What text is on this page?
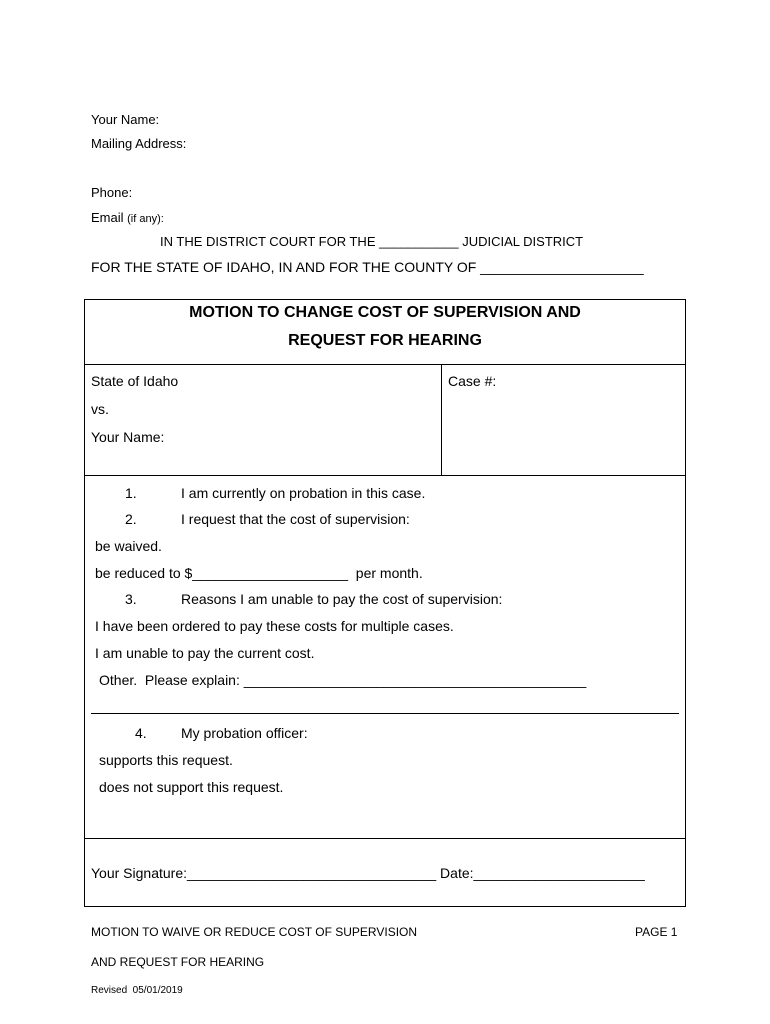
Your Name:
Mailing Address:
Phone:
Email (if any):
IN THE DISTRICT COURT FOR THE ___________ JUDICIAL DISTRICT
FOR THE STATE OF IDAHO, IN AND FOR THE COUNTY OF _____________________
MOTION TO CHANGE COST OF SUPERVISION AND
REQUEST FOR HEARING
State of Idaho
vs.
Your Name:
Case #:
1.	I am currently on probation in this case.
2.	I request that the cost of supervision:
be waived.
be reduced to $____________________  per month.
3.	Reasons I am unable to pay the cost of supervision:
I have been ordered to pay these costs for multiple cases.
I am unable to pay the current cost.
Other.  Please explain: ____________________________________________
4. My probation officer:
supports this request.
does not support this request.
Your Signature:________________________________ Date:______________________
MOTION TO WAIVE OR REDUCE COST OF SUPERVISION	PAGE 1
AND REQUEST FOR HEARING
Revised  05/01/2019
